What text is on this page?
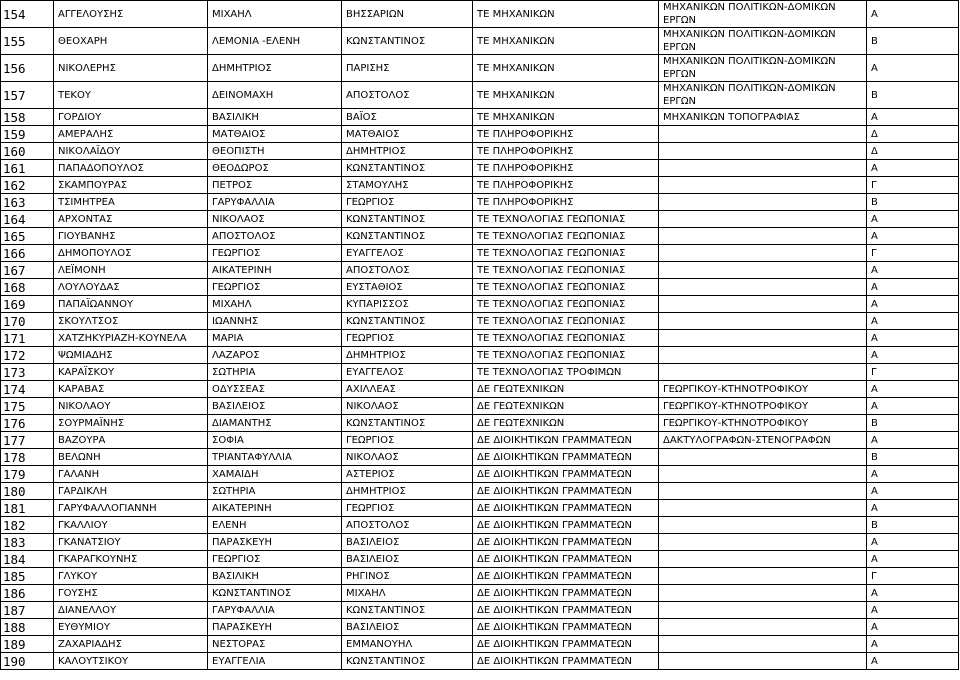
154	ΑΓΓΕΛΟΥΣΗΣ	ΜΙΧΑΗΛ	ΒΗΣΣΑΡΙΩΝ	ΤΕ ΜΗΧΑΝΙΚΩΝ	ΜΗΧΑΝΙΚΩΝ ΠΟΛΙΤΙΚΩΝ-ΔΟΜΙΚΩΝ ΕΡΓΩΝ	Α
155	ΘΕΟΧΑΡΗ	ΛΕΜΟΝΙΑ -ΕΛΕΝΗ	ΚΩΝΣΤΑΝΤΙΝΟΣ	ΤΕ ΜΗΧΑΝΙΚΩΝ	ΜΗΧΑΝΙΚΩΝ ΠΟΛΙΤΙΚΩΝ-ΔΟΜΙΚΩΝ ΕΡΓΩΝ	Β
156	ΝΙΚΟΛΕΡΗΣ	ΔΗΜΗΤΡΙΟΣ	ΠΑΡΙΣΗΣ	ΤΕ ΜΗΧΑΝΙΚΩΝ	ΜΗΧΑΝΙΚΩΝ ΠΟΛΙΤΙΚΩΝ-ΔΟΜΙΚΩΝ ΕΡΓΩΝ	Α
157	ΤΕΚΟΥ	ΔΕΙΝΟΜΑΧΗ	ΑΠΟΣΤΟΛΟΣ	ΤΕ ΜΗΧΑΝΙΚΩΝ	ΜΗΧΑΝΙΚΩΝ ΠΟΛΙΤΙΚΩΝ-ΔΟΜΙΚΩΝ ΕΡΓΩΝ	Β
158	ΓΟΡΔΙΟΥ	ΒΑΣΙΛΙΚΗ	ΒΑΪΟΣ	ΤΕ ΜΗΧΑΝΙΚΩΝ	ΜΗΧΑΝΙΚΩΝ ΤΟΠΟΓΡΑΦΙΑΣ	Α
159	ΑΜΕΡΑΛΗΣ	ΜΑΤΘΑΙΟΣ	ΜΑΤΘΑΙΟΣ	ΤΕ ΠΛΗΡΟΦΟΡΙΚΗΣ		Δ
160	ΝΙΚΟΛΑΪΔΟΥ	ΘΕΟΠΙΣΤΗ	ΔΗΜΗΤΡΙΟΣ	ΤΕ ΠΛΗΡΟΦΟΡΙΚΗΣ		Δ
161	ΠΑΠΑΔΟΠΟΥΛΟΣ	ΘΕΟΔΩΡΟΣ	ΚΩΝΣΤΑΝΤΙΝΟΣ	ΤΕ ΠΛΗΡΟΦΟΡΙΚΗΣ		Α
162	ΣΚΑΜΠΟΥΡΑΣ	ΠΕΤΡΟΣ	ΣΤΑΜΟΥΛΗΣ	ΤΕ ΠΛΗΡΟΦΟΡΙΚΗΣ		Γ
163	ΤΣΙΜΗΤΡΕΑ	ΓΑΡΥΦΑΛΛΙΑ	ΓΕΩΡΓΙΟΣ	ΤΕ ΠΛΗΡΟΦΟΡΙΚΗΣ		Β
164	ΑΡΧΟΝΤΑΣ	ΝΙΚΟΛΑΟΣ	ΚΩΝΣΤΑΝΤΙΝΟΣ	ΤΕ ΤΕΧΝΟΛΟΓΙΑΣ ΓΕΩΠΟΝΙΑΣ		Α
165	ΓΙΟΥΒΑΝΗΣ	ΑΠΟΣΤΟΛΟΣ	ΚΩΝΣΤΑΝΤΙΝΟΣ	ΤΕ ΤΕΧΝΟΛΟΓΙΑΣ ΓΕΩΠΟΝΙΑΣ		Α
166	ΔΗΜΟΠΟΥΛΟΣ	ΓΕΩΡΓΙΟΣ	ΕΥΑΓΓΕΛΟΣ	ΤΕ ΤΕΧΝΟΛΟΓΙΑΣ ΓΕΩΠΟΝΙΑΣ		Γ
167	ΛΕΪΜΟΝΗ	ΑΙΚΑΤΕΡΙΝΗ	ΑΠΟΣΤΟΛΟΣ	ΤΕ ΤΕΧΝΟΛΟΓΙΑΣ ΓΕΩΠΟΝΙΑΣ		Α
168	ΛΟΥΛΟΥΔΑΣ	ΓΕΩΡΓΙΟΣ	ΕΥΣΤΑΘΙΟΣ	ΤΕ ΤΕΧΝΟΛΟΓΙΑΣ ΓΕΩΠΟΝΙΑΣ		Α
169	ΠΑΠΑΪΩΑΝΝΟΥ	ΜΙΧΑΗΛ	ΚΥΠΑΡΙΣΣΟΣ	ΤΕ ΤΕΧΝΟΛΟΓΙΑΣ ΓΕΩΠΟΝΙΑΣ		Α
170	ΣΚΟΥΛΤΣΟΣ	ΙΩΑΝΝΗΣ	ΚΩΝΣΤΑΝΤΙΝΟΣ	ΤΕ ΤΕΧΝΟΛΟΓΙΑΣ ΓΕΩΠΟΝΙΑΣ		Α
171	ΧΑΤΖΗΚΥΡΙΑΖΗ-ΚΟΥΝΕΛΑ	ΜΑΡΙΑ	ΓΕΩΡΓΙΟΣ	ΤΕ ΤΕΧΝΟΛΟΓΙΑΣ ΓΕΩΠΟΝΙΑΣ		Α
172	ΨΩΜΙΑΔΗΣ	ΛΑΖΑΡΟΣ	ΔΗΜΗΤΡΙΟΣ	ΤΕ ΤΕΧΝΟΛΟΓΙΑΣ ΓΕΩΠΟΝΙΑΣ		Α
173	ΚΑΡΑΪΣΚΟΥ	ΣΩΤΗΡΙΑ	ΕΥΑΓΓΕΛΟΣ	ΤΕ ΤΕΧΝΟΛΟΓΙΑΣ ΤΡΟΦΙΜΩΝ		Γ
174	ΚΑΡΑΒΑΣ	ΟΔΥΣΣΕΑΣ	ΑΧΙΛΛΕΑΣ	ΔΕ ΓΕΩΤΕΧΝΙΚΩΝ	ΓΕΩΡΓΙΚΟΥ-ΚΤΗΝΟΤΡΟΦΙΚΟΥ	Α
175	ΝΙΚΟΛΑΟΥ	ΒΑΣΙΛΕΙΟΣ	ΝΙΚΟΛΑΟΣ	ΔΕ ΓΕΩΤΕΧΝΙΚΩΝ	ΓΕΩΡΓΙΚΟΥ-ΚΤΗΝΟΤΡΟΦΙΚΟΥ	Α
176	ΣΟΥΡΜΑΪΝΗΣ	ΔΙΑΜΑΝΤΗΣ	ΚΩΝΣΤΑΝΤΙΝΟΣ	ΔΕ ΓΕΩΤΕΧΝΙΚΩΝ	ΓΕΩΡΓΙΚΟΥ-ΚΤΗΝΟΤΡΟΦΙΚΟΥ	Β
177	ΒΑΖΟΥΡΑ	ΣΟΦΙΑ	ΓΕΩΡΓΙΟΣ	ΔΕ ΔΙΟΙΚΗΤΙΚΩΝ ΓΡΑΜΜΑΤΕΩΝ	ΔΑΚΤΥΛΟΓΡΑΦΩΝ-ΣΤΕΝΟΓΡΑΦΩΝ	Α
178	ΒΕΛΩΝΗ	ΤΡΙΑΝΤΑΦΥΛΛΙΑ	ΝΙΚΟΛΑΟΣ	ΔΕ ΔΙΟΙΚΗΤΙΚΩΝ ΓΡΑΜΜΑΤΕΩΝ		Β
179	ΓΑΛΑΝΗ	ΧΑΜΑΙΔΗ	ΑΣΤΕΡΙΟΣ	ΔΕ ΔΙΟΙΚΗΤΙΚΩΝ ΓΡΑΜΜΑΤΕΩΝ		Α
180	ΓΑΡΔΙΚΛΗ	ΣΩΤΗΡΙΑ	ΔΗΜΗΤΡΙΟΣ	ΔΕ ΔΙΟΙΚΗΤΙΚΩΝ ΓΡΑΜΜΑΤΕΩΝ		Α
181	ΓΑΡΥΦΑΛΛΟΓΙΑΝΝΗ	ΑΙΚΑΤΕΡΙΝΗ	ΓΕΩΡΓΙΟΣ	ΔΕ ΔΙΟΙΚΗΤΙΚΩΝ ΓΡΑΜΜΑΤΕΩΝ		Α
182	ΓΚΑΛΛΙΟΥ	ΕΛΕΝΗ	ΑΠΟΣΤΟΛΟΣ	ΔΕ ΔΙΟΙΚΗΤΙΚΩΝ ΓΡΑΜΜΑΤΕΩΝ		Β
183	ΓΚΑΝΑΤΣΙΟΥ	ΠΑΡΑΣΚΕΥΗ	ΒΑΣΙΛΕΙΟΣ	ΔΕ ΔΙΟΙΚΗΤΙΚΩΝ ΓΡΑΜΜΑΤΕΩΝ		Α
184	ΓΚΑΡΑΓΚΟΥΝΗΣ	ΓΕΩΡΓΙΟΣ	ΒΑΣΙΛΕΙΟΣ	ΔΕ ΔΙΟΙΚΗΤΙΚΩΝ ΓΡΑΜΜΑΤΕΩΝ		Α
185	ΓΛΥΚΟΥ	ΒΑΣΙΛΙΚΗ	ΡΗΓΙΝΟΣ	ΔΕ ΔΙΟΙΚΗΤΙΚΩΝ ΓΡΑΜΜΑΤΕΩΝ		Γ
186	ΓΟΥΣΗΣ	ΚΩΝΣΤΑΝΤΙΝΟΣ	ΜΙΧΑΗΛ	ΔΕ ΔΙΟΙΚΗΤΙΚΩΝ ΓΡΑΜΜΑΤΕΩΝ		Α
187	ΔΙΑΝΕΛΛΟΥ	ΓΑΡΥΦΑΛΛΙΑ	ΚΩΝΣΤΑΝΤΙΝΟΣ	ΔΕ ΔΙΟΙΚΗΤΙΚΩΝ ΓΡΑΜΜΑΤΕΩΝ		Α
188	ΕΥΘΥΜΙΟΥ	ΠΑΡΑΣΚΕΥΗ	ΒΑΣΙΛΕΙΟΣ	ΔΕ ΔΙΟΙΚΗΤΙΚΩΝ ΓΡΑΜΜΑΤΕΩΝ		Α
189	ΖΑΧΑΡΙΑΔΗΣ	ΝΕΣΤΟΡΑΣ	ΕΜΜΑΝΟΥΗΛ	ΔΕ ΔΙΟΙΚΗΤΙΚΩΝ ΓΡΑΜΜΑΤΕΩΝ		Α
190	ΚΑΛΟΥΤΣΙΚΟΥ	ΕΥΑΓΓΕΛΙΑ	ΚΩΝΣΤΑΝΤΙΝΟΣ	ΔΕ ΔΙΟΙΚΗΤΙΚΩΝ ΓΡΑΜΜΑΤΕΩΝ		Α
